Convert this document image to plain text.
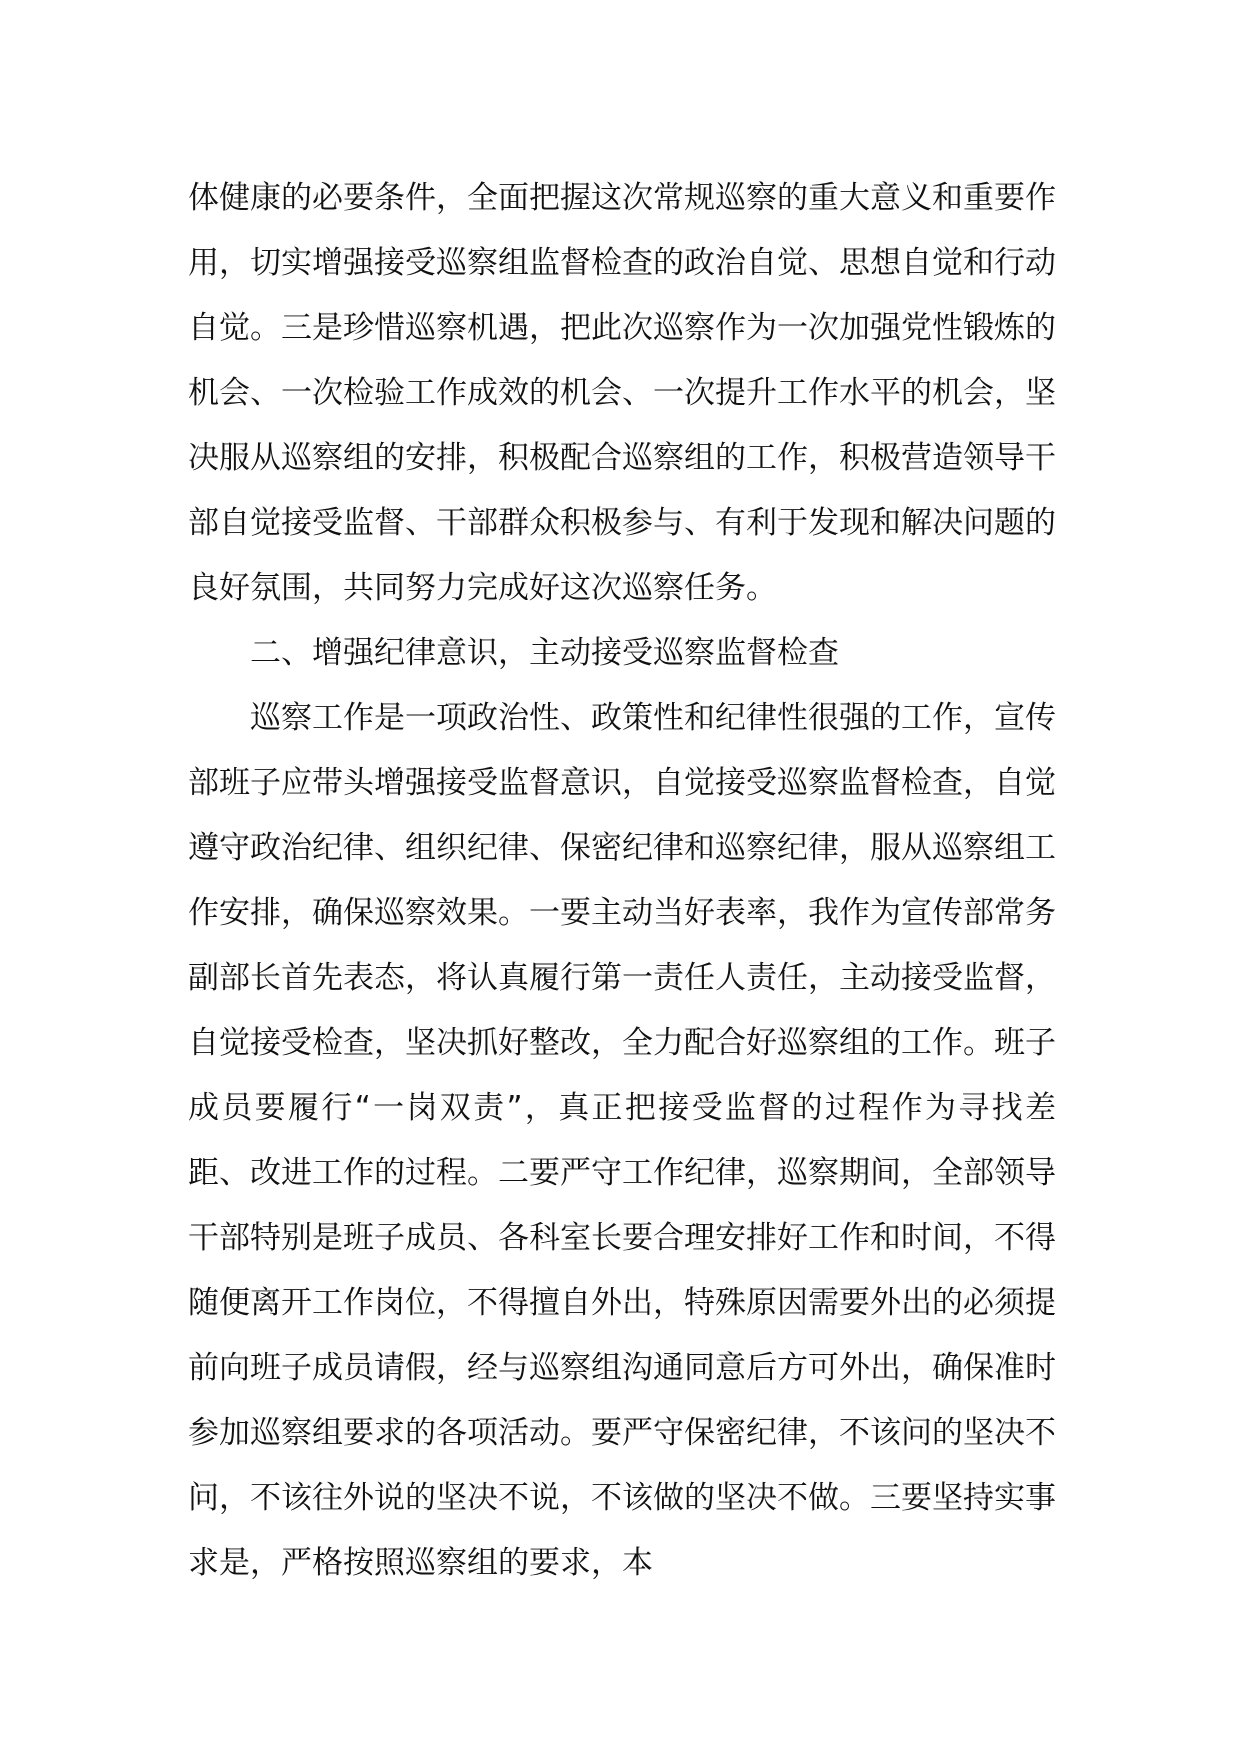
体健康的必要条件，全面把握这次常规巡察的重大意义和重要作用，切实增强接受巡察组监督检查的政治自觉、思想自觉和行动自觉。三是珍惜巡察机遇，把此次巡察作为一次加强党性锻炼的机会、一次检验工作成效的机会、一次提升工作水平的机会，坚决服从巡察组的安排，积极配合巡察组的工作，积极营造领导干部自觉接受监督、干部群众积极参与、有利于发现和解决问题的良好氛围，共同努力完成好这次巡察任务。

二、增强纪律意识，主动接受巡察监督检查

巡察工作是一项政治性、政策性和纪律性很强的工作，宣传部班子应带头增强接受监督意识，自觉接受巡察监督检查，自觉遵守政治纪律、组织纪律、保密纪律和巡察纪律，服从巡察组工作安排，确保巡察效果。一要主动当好表率，我作为宣传部常务副部长首先表态，将认真履行第一责任人责任，主动接受监督，自觉接受检查，坚决抓好整改，全力配合好巡察组的工作。班子成员要履行“一岗双责”，真正把接受监督的过程作为寻找差距、改进工作的过程。二要严守工作纪律，巡察期间，全部领导干部特别是班子成员、各科室长要合理安排好工作和时间，不得随便离开工作岗位，不得擅自外出，特殊原因需要外出的必须提前向班子成员请假，经与巡察组沟通同意后方可外出，确保准时参加巡察组要求的各项活动。要严守保密纪律，不该问的坚决不问，不该往外说的坚决不说，不该做的坚决不做。三要坚持实事求是，严格按照巡察组的要求，本
